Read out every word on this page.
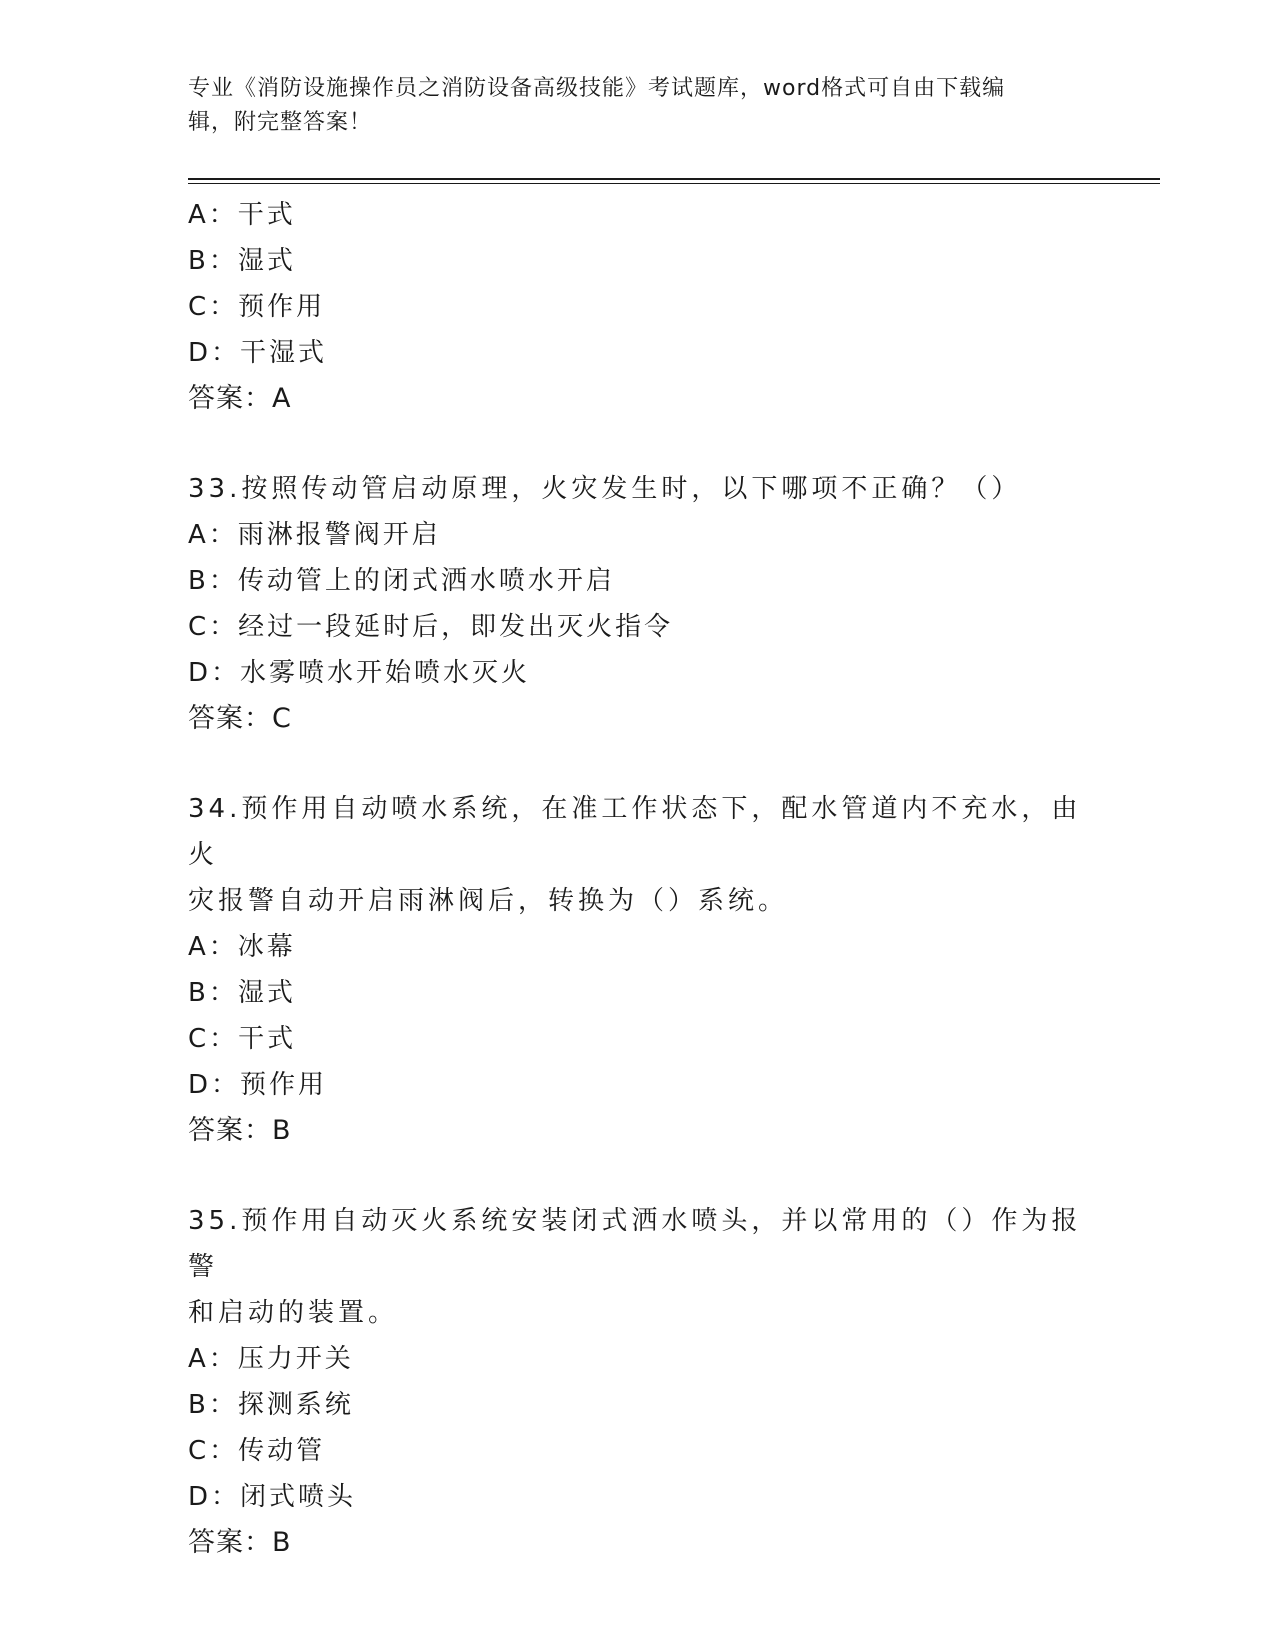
专业《消防设施操作员之消防设备高级技能》考试题库，word格式可自由下载编
辑，附完整答案！
A：干式
B：湿式
C：预作用
D：干湿式
答案：A
33.按照传动管启动原理，火灾发生时，以下哪项不正确？（）
A：雨淋报警阀开启
B：传动管上的闭式洒水喷水开启
C：经过一段延时后，即发出灭火指令
D：水雾喷水开始喷水灭火
答案：C
34.预作用自动喷水系统，在准工作状态下，配水管道内不充水，由火
灾报警自动开启雨淋阀后，转换为（）系统。
A：冰幕
B：湿式
C：干式
D：预作用
答案：B
35.预作用自动灭火系统安装闭式洒水喷头，并以常用的（）作为报警
和启动的装置。
A：压力开关
B：探测系统
C：传动管
D：闭式喷头
答案：B
